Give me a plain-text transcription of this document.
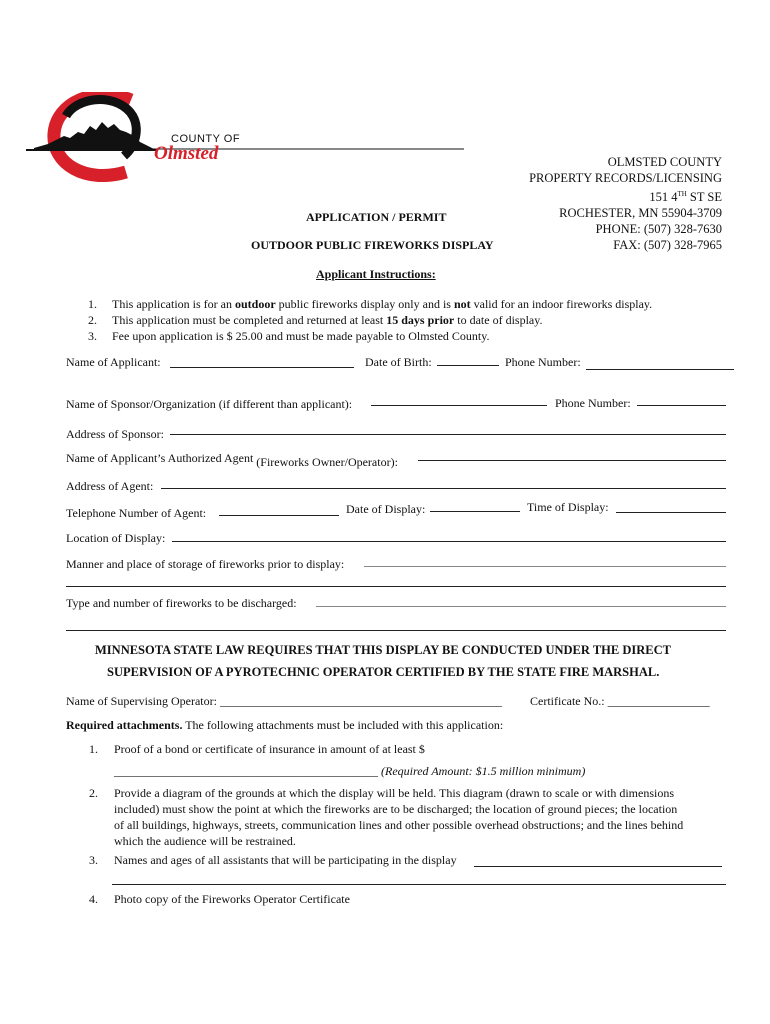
COUNTY OF
Olmsted	OLMSTED COUNTY
PROPERTY RECORDS/LICENSING
151 4TH ST SE
ROCHESTER, MN 55904-3709
PHONE: (507) 328-7630
FAX: (507) 328-7965
APPLICATION / PERMIT
OUTDOOR PUBLIC FIREWORKS DISPLAY
Applicant Instructions:
1. This application is for an outdoor public fireworks display only and is not valid for an indoor fireworks display.
2. This application must be completed and returned at least 15 days prior to date of display.
3. Fee upon application is $ 25.00 and must be made payable to Olmsted County.
Name of Applicant:	Date of Birth:	Phone Number:
Name of Sponsor/Organization (if different than applicant):	Phone Number:
Address of Sponsor:
Name of Applicant’s Authorized Agent (Fireworks Owner/Operator):
Address of Agent:
Telephone Number of Agent:	Date of Display:	Time of Display:
Location of Display:
Manner and place of storage of fireworks prior to display:
Type and number of fireworks to be discharged:
MINNESOTA STATE LAW REQUIRES THAT THIS DISPLAY BE CONDUCTED UNDER THE DIRECT
SUPERVISION OF A PYROTECHNIC OPERATOR CERTIFIED BY THE STATE FIRE MARSHAL.
Name of Supervising Operator: _______________________________________________ Certificate No.: _________________
Required attachments. The following attachments must be included with this application:
1. Proof of a bond or certificate of insurance in amount of at least $
____________________________________________ (Required Amount: $1.5 million minimum)
2. Provide a diagram of the grounds at which the display will be held. This diagram (drawn to scale or with dimensions included) must show the point at which the fireworks are to be discharged; the location of ground pieces; the location of all buildings, highways, streets, communication lines and other possible overhead obstructions; and the lines behind which the audience will be restrained.
3. Names and ages of all assistants that will be participating in the display
4. Photo copy of the Fireworks Operator Certificate
